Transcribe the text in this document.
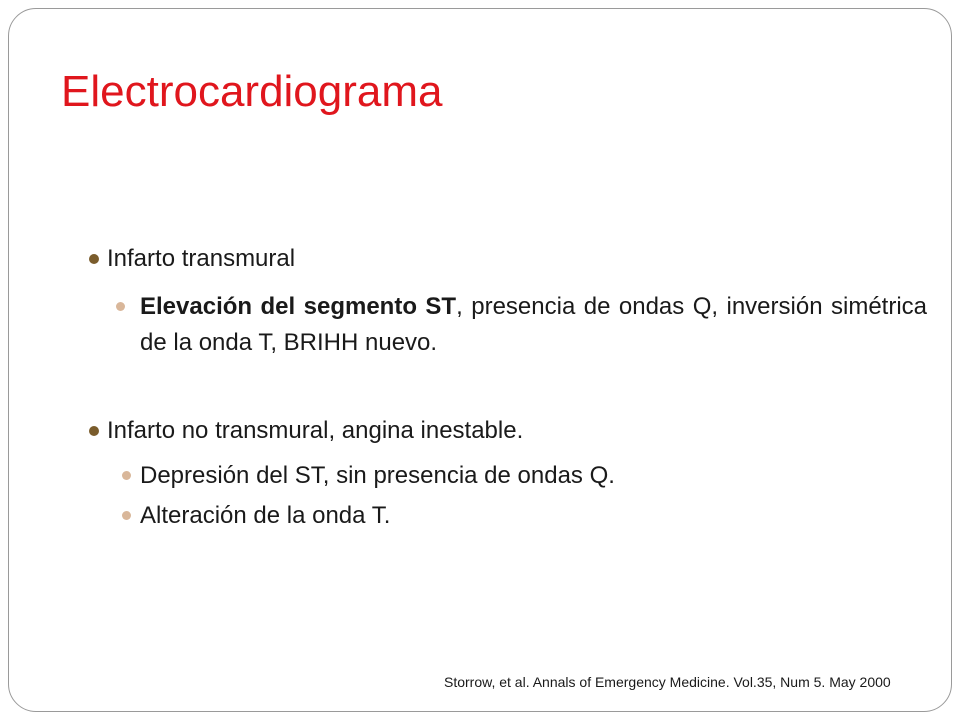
Electrocardiograma
Infarto transmural
Elevación del segmento ST, presencia de ondas Q, inversión simétrica de la onda T, BRIHH nuevo.
Infarto no transmural, angina inestable.
Depresión del ST, sin presencia de ondas Q.
Alteración de la onda T.
Storrow, et al. Annals of Emergency Medicine. Vol.35, Num 5. May 2000
